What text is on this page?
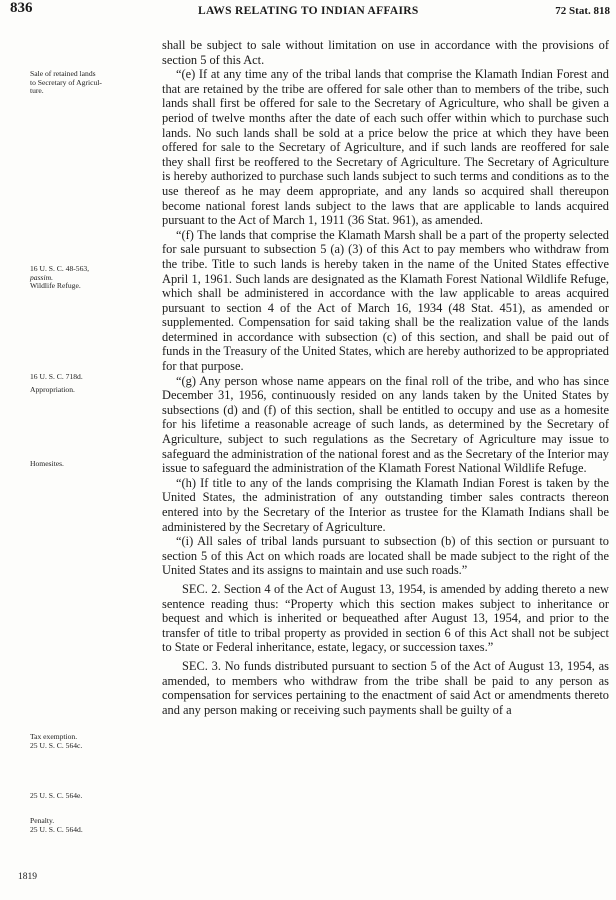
836	LAWS RELATING TO INDIAN AFFAIRS	72 Stat. 818
Sale of retained lands
to Secretary of Agricul-
ture.
16 U. S. C. 48-563,
passim.
Wildlife Refuge.
16 U. S. C. 718d.
Appropriation.
Homesites.
Tax exemption.
25 U. S. C. 564c.
25 U. S. C. 564e.
Penalty.
25 U. S. C. 564d.

shall be subject to sale without limitation on use in accordance with the provisions of section 5 of this Act.

“(e) If at any time any of the tribal lands that comprise the Klamath Indian Forest and that are retained by the tribe are offered for sale other than to members of the tribe, such lands shall first be offered for sale to the Secretary of Agriculture, who shall be given a period of twelve months after the date of each such offer within which to purchase such lands. No such lands shall be sold at a price below the price at which they have been offered for sale to the Secretary of Agriculture, and if such lands are reoffered for sale they shall first be reoffered to the Secretary of Agriculture. The Secretary of Agriculture is hereby authorized to purchase such lands subject to such terms and conditions as to the use thereof as he may deem appropriate, and any lands so acquired shall thereupon become national forest lands subject to the laws that are applicable to lands acquired pursuant to the Act of March 1, 1911 (36 Stat. 961), as amended.

“(f) The lands that comprise the Klamath Marsh shall be a part of the property selected for sale pursuant to subsection 5 (a) (3) of this Act to pay members who withdraw from the tribe. Title to such lands is hereby taken in the name of the United States effective April 1, 1961. Such lands are designated as the Klamath Forest National Wildlife Refuge, which shall be administered in accordance with the law applicable to areas acquired pursuant to section 4 of the Act of March 16, 1934 (48 Stat. 451), as amended or supplemented. Compensation for said taking shall be the realization value of the lands determined in accordance with subsection (c) of this section, and shall be paid out of funds in the Treasury of the United States, which are hereby authorized to be appropriated for that purpose.

“(g) Any person whose name appears on the final roll of the tribe, and who has since December 31, 1956, continuously resided on any lands taken by the United States by subsections (d) and (f) of this section, shall be entitled to occupy and use as a homesite for his lifetime a reasonable acreage of such lands, as determined by the Secretary of Agriculture, subject to such regulations as the Secretary of Agriculture may issue to safeguard the administration of the national forest and as the Secretary of the Interior may issue to safeguard the administration of the Klamath Forest National Wildlife Refuge.

“(h) If title to any of the lands comprising the Klamath Indian Forest is taken by the United States, the administration of any outstanding timber sales contracts thereon entered into by the Secretary of the Interior as trustee for the Klamath Indians shall be administered by the Secretary of Agriculture.

“(i) All sales of tribal lands pursuant to subsection (b) of this section or pursuant to section 5 of this Act on which roads are located shall be made subject to the right of the United States and its assigns to maintain and use such roads.”

SEC. 2. Section 4 of the Act of August 13, 1954, is amended by adding thereto a new sentence reading thus: “Property which this section makes subject to inheritance or bequest and which is inherited or bequeathed after August 13, 1954, and prior to the transfer of title to tribal property as provided in section 6 of this Act shall not be subject to State or Federal inheritance, estate, legacy, or succession taxes.”

SEC. 3. No funds distributed pursuant to section 5 of the Act of August 13, 1954, as amended, to members who withdraw from the tribe shall be paid to any person as compensation for services pertaining to the enactment of said Act or amendments thereto and any person making or receiving such payments shall be guilty of a

1819
